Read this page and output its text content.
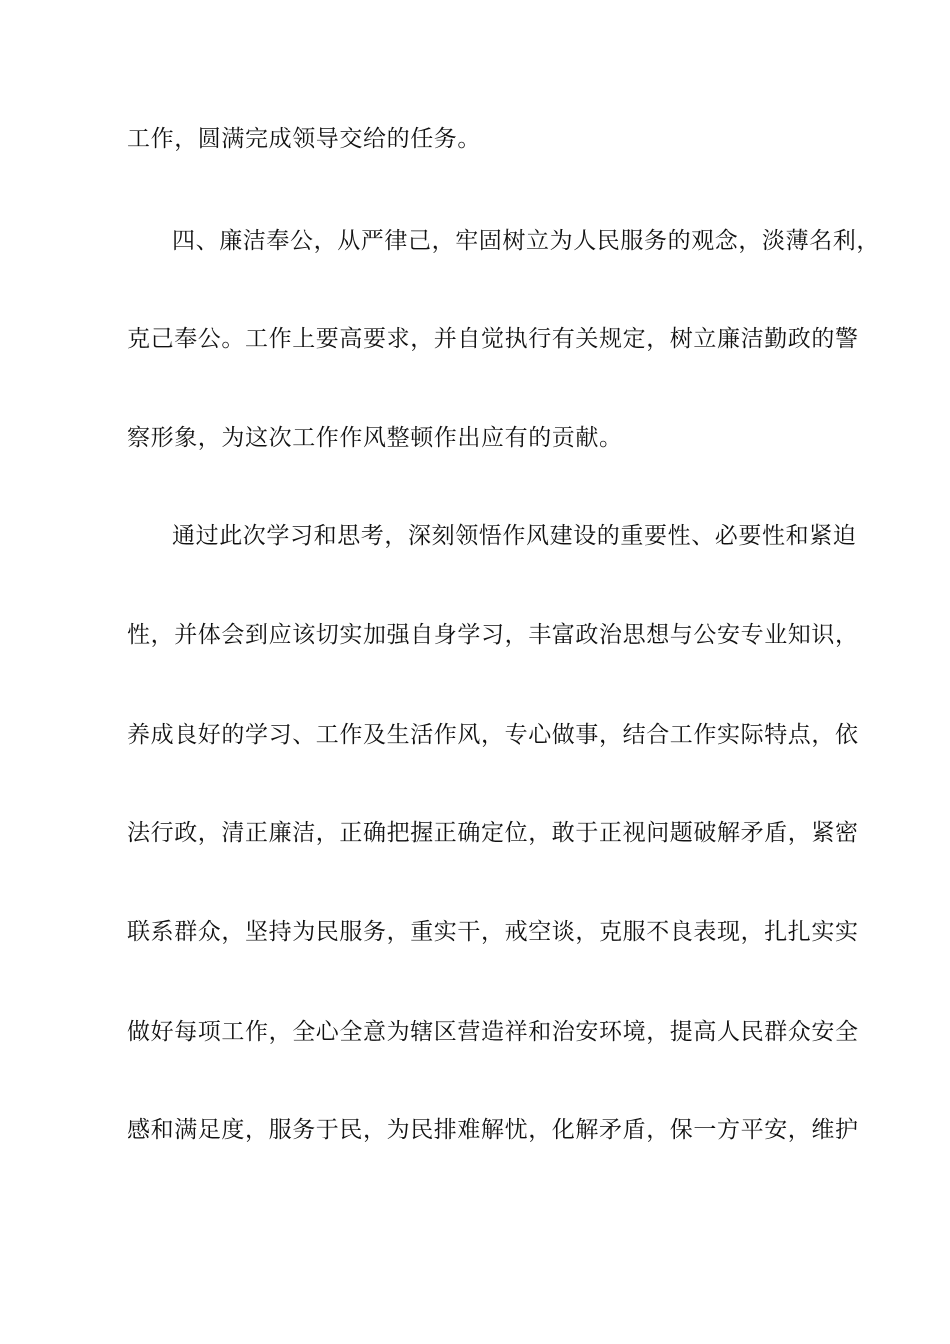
工作，圆满完成领导交给的任务。
四、廉洁奉公，从严律己，牢固树立为人民服务的观念，淡薄名利，
克己奉公。工作上要高要求，并自觉执行有关规定，树立廉洁勤政的警
察形象，为这次工作作风整顿作出应有的贡献。
通过此次学习和思考，深刻领悟作风建设的重要性、必要性和紧迫
性，并体会到应该切实加强自身学习，丰富政治思想与公安专业知识，
养成良好的学习、工作及生活作风，专心做事，结合工作实际特点，依
法行政，清正廉洁，正确把握正确定位，敢于正视问题破解矛盾，紧密
联系群众，坚持为民服务，重实干，戒空谈，克服不良表现，扎扎实实
做好每项工作，全心全意为辖区营造祥和治安环境，提高人民群众安全
感和满足度，服务于民，为民排难解忧，化解矛盾，保一方平安，维护
